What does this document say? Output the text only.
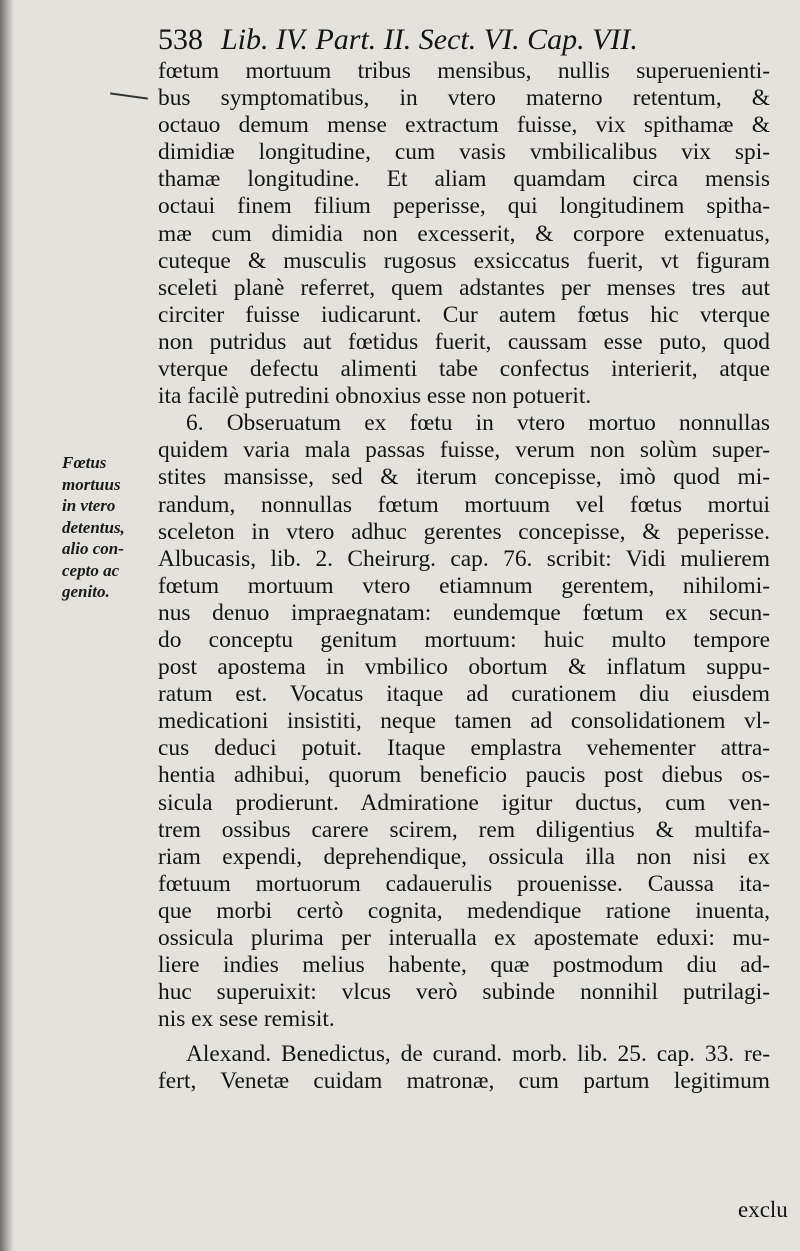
538 Lib. IV. Part. II. Sect. VI. Cap. VII.
Fœtus
mortuus
in vtero
detentus,
alio con-
cepto ac
genito.
fœtum mortuum tribus mensibus, nullis superuenienti-
bus symptomatibus, in vtero materno retentum, &
octauo demum mense extractum fuisse, vix spithamæ &
dimidiæ longitudine, cum vasis vmbilicalibus vix spi-
thamæ longitudine. Et aliam quamdam circa mensis
octaui finem filium peperisse, qui longitudinem spitha-
mæ cum dimidia non excesserit, & corpore extenuatus,
cuteque & musculis rugosus exsiccatus fuerit, vt figuram
sceleti planè referret, quem adstantes per menses tres aut
circiter fuisse iudicarunt. Cur autem fœtus hic vterque
non putridus aut fœtidus fuerit, caussam esse puto, quod
vterque defectu alimenti tabe confectus interierit, atque
ita facilè putredini obnoxius esse non potuerit.
6. Obseruatum ex fœtu in vtero mortuo nonnullas
quidem varia mala passas fuisse, verum non solùm super-
stites mansisse, sed & iterum concepisse, imò quod mi-
randum, nonnullas fœtum mortuum vel fœtus mortui
sceleton in vtero adhuc gerentes concepisse, & peperisse.
Albucasis, lib. 2. Cheirurg. cap. 76. scribit: Vidi mulierem
fœtum mortuum vtero etiamnum gerentem, nihilomi-
nus denuo impraegnatam: eundemque fœtum ex secun-
do conceptu genitum mortuum: huic multo tempore
post apostema in vmbilico obortum & inflatum suppu-
ratum est. Vocatus itaque ad curationem diu eiusdem
medicationi insistiti, neque tamen ad consolidationem vl-
cus deduci potuit. Itaque emplastra vehementer attra-
hentia adhibui, quorum beneficio paucis post diebus os-
sicula prodierunt. Admiratione igitur ductus, cum ven-
trem ossibus carere scirem, rem diligentius & multifa-
riam expendi, deprehendique, ossicula illa non nisi ex
fœtuum mortuorum cadauerulis prouenisse. Caussa ita-
que morbi certò cognita, medendique ratione inuenta,
ossicula plurima per interualla ex apostemate eduxi: mu-
liere indies melius habente, quæ postmodum diu ad-
huc superuixit: vlcus verò subinde nonnihil putrilagi-
nis ex sese remisit.
Alexand. Benedictus, de curand. morb. lib. 25. cap. 33. re-
fert, Venetæ cuidam matronæ, cum partum legitimum
exclu
